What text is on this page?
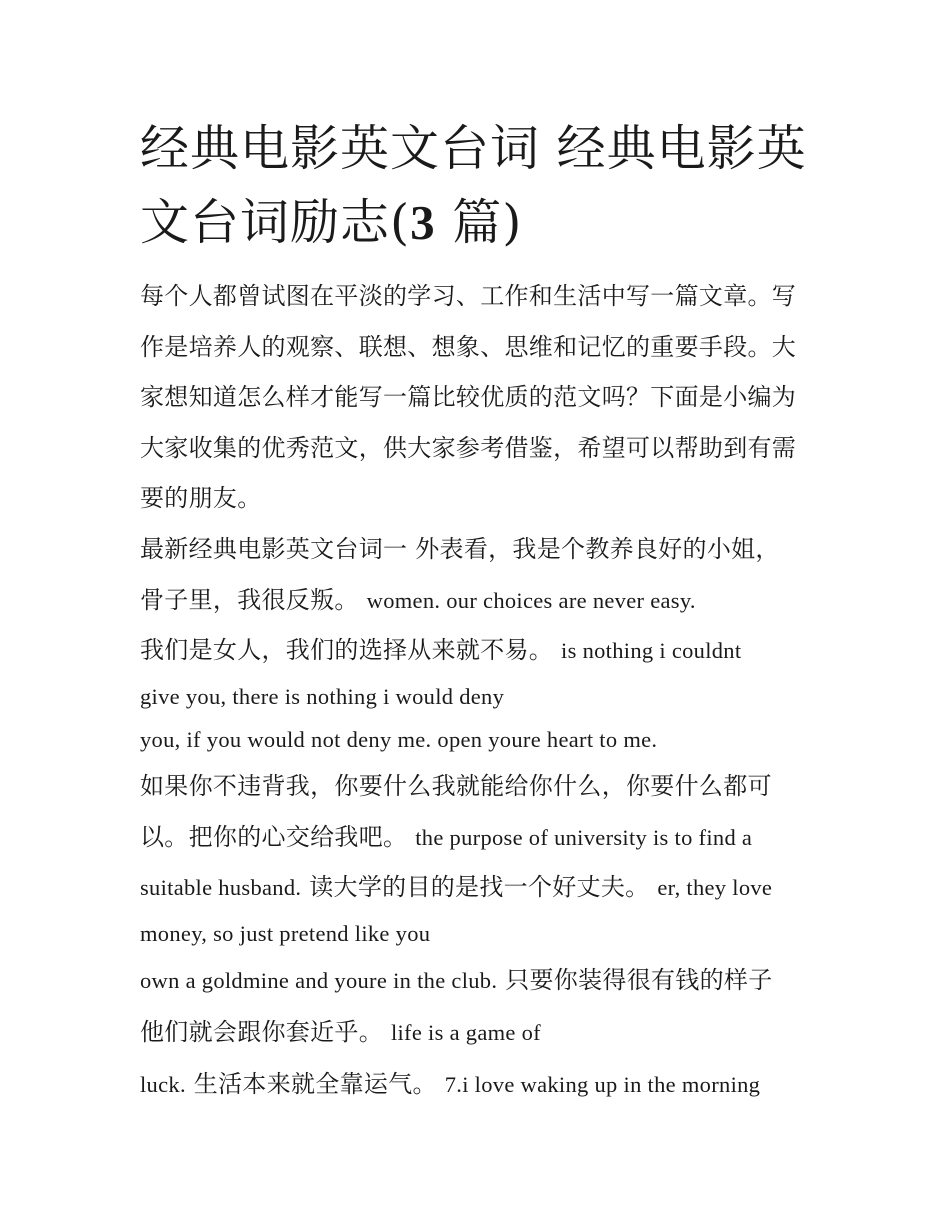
经典电影英文台词 经典电影英文台词励志(3 篇)

每个人都曾试图在平淡的学习、工作和生活中写一篇文章。写

作是培养人的观察、联想、想象、思维和记忆的重要手段。大

家想知道怎么样才能写一篇比较优质的范文吗？下面是小编为

大家收集的优秀范文，供大家参考借鉴，希望可以帮助到有需

要的朋友。

最新经典电影英文台词一 外表看，我是个教养良好的小姐，

骨子里，我很反叛。 women. our choices are never easy.

我们是女人，我们的选择从来就不易。 is nothing i couldnt

give you, there is nothing i would deny

you, if you would not deny me. open youre heart to me.

如果你不违背我，你要什么我就能给你什么，你要什么都可

以。把你的心交给我吧。 the purpose of university is to find a

suitable husband. 读大学的目的是找一个好丈夫。 er, they love

money, so just pretend like you

own a goldmine and youre in the club. 只要你装得很有钱的样子

他们就会跟你套近乎。 life is a game of

luck. 生活本来就全靠运气。 7.i love waking up in the morning
